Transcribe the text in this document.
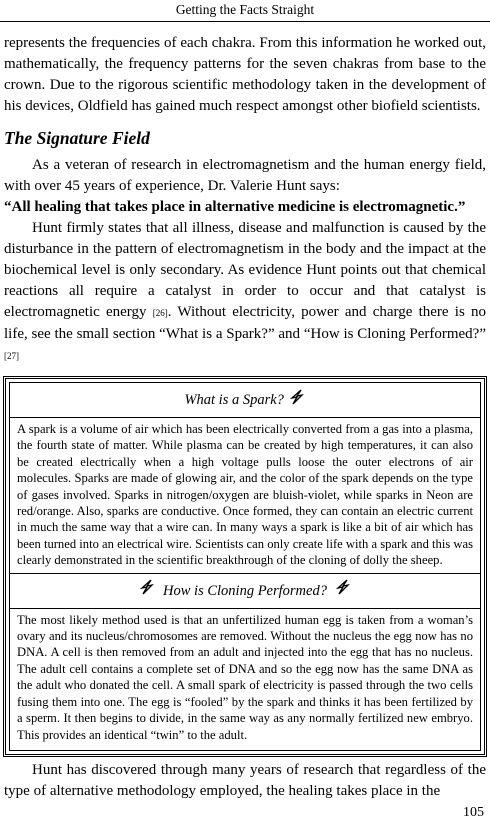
Getting the Facts Straight

represents the frequencies of each chakra. From this information he worked out, mathematically, the frequency patterns for the seven chakras from base to the crown. Due to the rigorous scientific methodology taken in the development of his devices, Oldfield has gained much respect amongst other biofield scientists.

The Signature Field

As a veteran of research in electromagnetism and the human energy field, with over 45 years of experience, Dr. Valerie Hunt says:

“All healing that takes place in alternative medicine is electromagnetic.”

Hunt firmly states that all illness, disease and malfunction is caused by the disturbance in the pattern of electromagnetism in the body and the impact at the biochemical level is only secondary. As evidence Hunt points out that chemical reactions all require a catalyst in order to occur and that catalyst is electromagnetic energy [26]. Without electricity, power and charge there is no life, see the small section “What is a Spark?” and “How is Cloning Performed?” [27]

What is a Spark?
A spark is a volume of air which has been electrically converted from a gas into a plasma, the fourth state of matter. While plasma can be created by high temperatures, it can also be created electrically when a high voltage pulls loose the outer electrons of air molecules. Sparks are made of glowing air, and the color of the spark depends on the type of gases involved. Sparks in nitrogen/oxygen are bluish-violet, while sparks in Neon are red/orange. Also, sparks are conductive. Once formed, they can contain an electric current in much the same way that a wire can. In many ways a spark is like a bit of air which has been turned into an electrical wire. Scientists can only create life with a spark and this was clearly demonstrated in the scientific breakthrough of the cloning of dolly the sheep.
How is Cloning Performed?
The most likely method used is that an unfertilized human egg is taken from a woman’s ovary and its nucleus/chromosomes are removed. Without the nucleus the egg now has no DNA. A cell is then removed from an adult and injected into the egg that has no nucleus. The adult cell contains a complete set of DNA and so the egg now has the same DNA as the adult who donated the cell. A small spark of electricity is passed through the two cells fusing them into one. The egg is “fooled” by the spark and thinks it has been fertilized by a sperm. It then begins to divide, in the same way as any normally fertilized new embryo. This provides an identical “twin” to the adult.

Hunt has discovered through many years of research that regardless of the type of alternative methodology employed, the healing takes place in the

105
